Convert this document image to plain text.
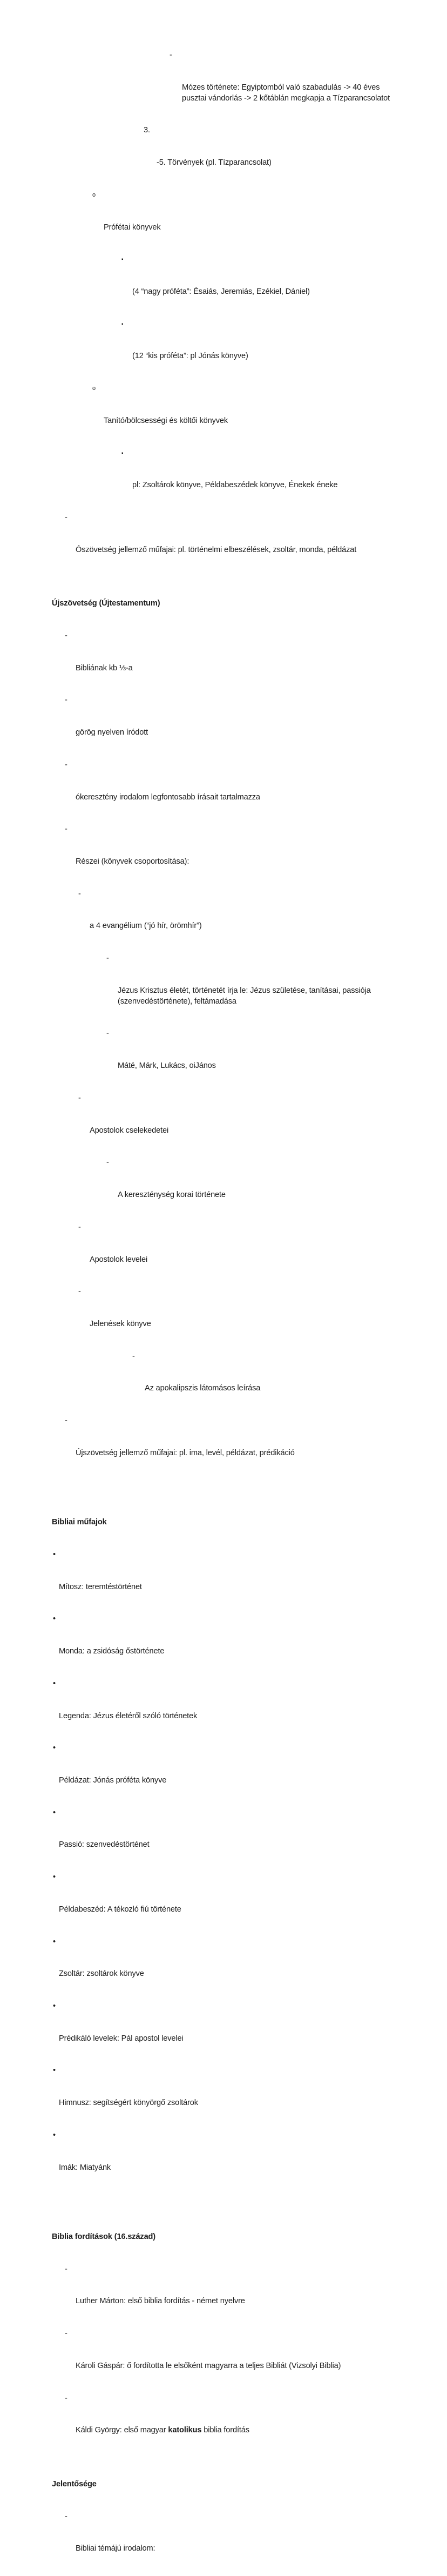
-

Mózes története: Egyiptomból való szabadulás -> 40 éves pusztai vándorlás -> 2 kőtáblán megkapja a Tízparancsolatot

3.

-5. Törvények (pl. Tízparancsolat)

o

Prófétai könyvek

▪

(4 “nagy próféta”: Ésaiás, Jeremiás, Ezékiel, Dániel)

▪

(12 “kis próféta”: pl Jónás könyve)

o

Tanító/bölcsességi és költői könyvek

▪

pl: Zsoltárok könyve, Példabeszédek könyve, Énekek éneke

-

Ószövetség jellemző műfajai: pl. történelmi elbeszélések, zsoltár, monda, példázat

Újszövetség (Újtestamentum)

-

Bibliának kb ⅓-a

-

görög nyelven íródott

-

ókeresztény irodalom legfontosabb írásait tartalmazza

-

Részei (könyvek csoportosítása):

-

a 4 evangélium (“jó hír, örömhír”)

-

Jézus Krisztus életét, történetét írja le: Jézus születése, tanításai, passiója (szenvedéstörténete), feltámadása

-

Máté, Márk, Lukács, oiJános

-

Apostolok cselekedetei

-

A kereszténység korai története

-

Apostolok levelei

-

Jelenések könyve

-

Az apokalipszis látomásos leírása

-

Újszövetség jellemző műfajai: pl. ima, levél, példázat, prédikáció

Bibliai műfajok

•

Mítosz: teremtéstörténet

•

Monda: a zsidóság őstörténete

•

Legenda: Jézus életéről szóló történetek

•

Példázat: Jónás próféta könyve

•

Passió: szenvedéstörténet

•

Példabeszéd: A tékozló fiú története

•

Zsoltár: zsoltárok könyve

•

Prédikáló levelek: Pál apostol levelei

•

Himnusz: segítségért könyörgő zsoltárok

•

Imák: Miatyánk

Biblia fordítások (16.század)

-

Luther Márton: első biblia fordítás - német nyelvre

-

Károli Gáspár: ő fordította le elsőként magyarra a teljes Bibliát (Vizsolyi Biblia)

-

Káldi György: első magyar katolikus biblia fordítás

Jelentősége

-

Bibliai témájú irodalom:
